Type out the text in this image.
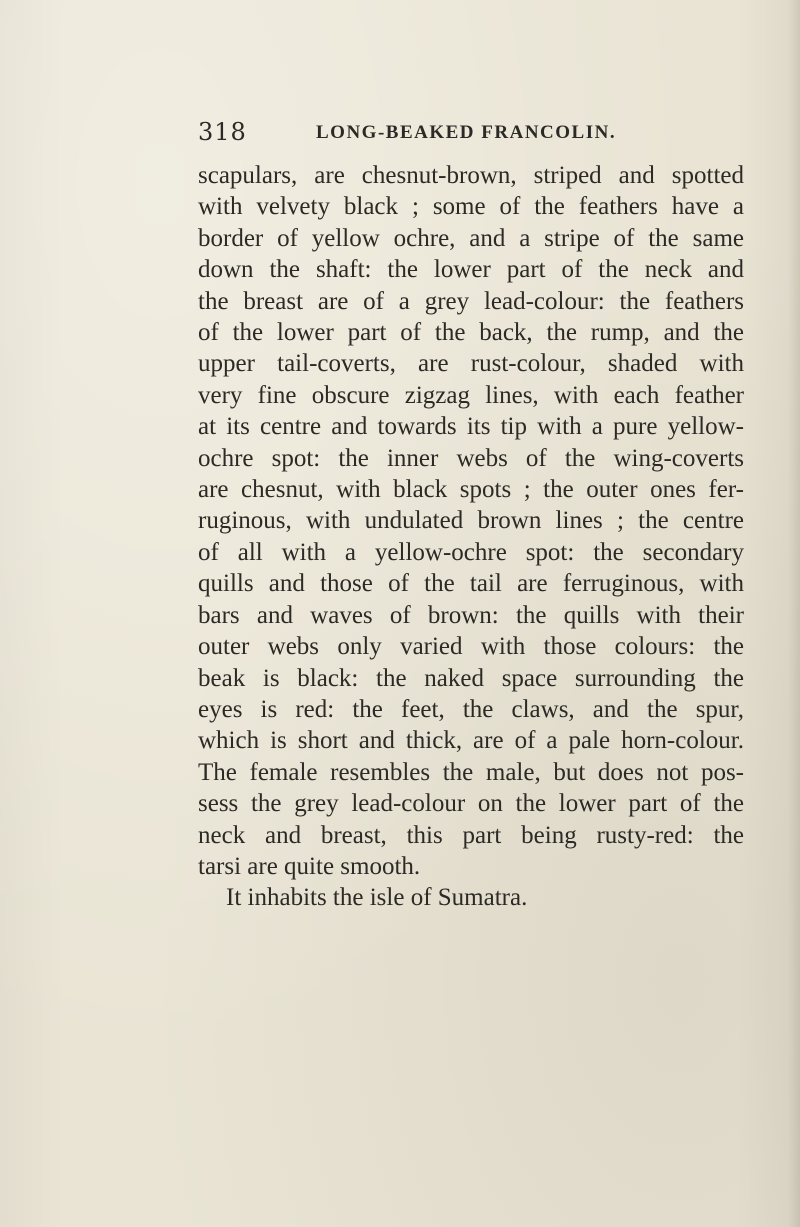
318	LONG-BEAKED FRANCOLIN.
scapulars, are chesnut-brown, striped and spotted
with velvety black ; some of the feathers have a
border of yellow ochre, and a stripe of the same
down the shaft: the lower part of the neck and
the breast are of a grey lead-colour: the feathers
of the lower part of the back, the rump, and the
upper tail-coverts, are rust-colour, shaded with
very fine obscure zigzag lines, with each feather
at its centre and towards its tip with a pure yellow-
ochre spot: the inner webs of the wing-coverts
are chesnut, with black spots ; the outer ones fer-
ruginous, with undulated brown lines ; the centre
of all with a yellow-ochre spot: the secondary
quills and those of the tail are ferruginous, with
bars and waves of brown: the quills with their
outer webs only varied with those colours: the
beak is black: the naked space surrounding the
eyes is red: the feet, the claws, and the spur,
which is short and thick, are of a pale horn-colour.
The female resembles the male, but does not pos-
sess the grey lead-colour on the lower part of the
neck and breast, this part being rusty-red: the
tarsi are quite smooth.
It inhabits the isle of Sumatra.
